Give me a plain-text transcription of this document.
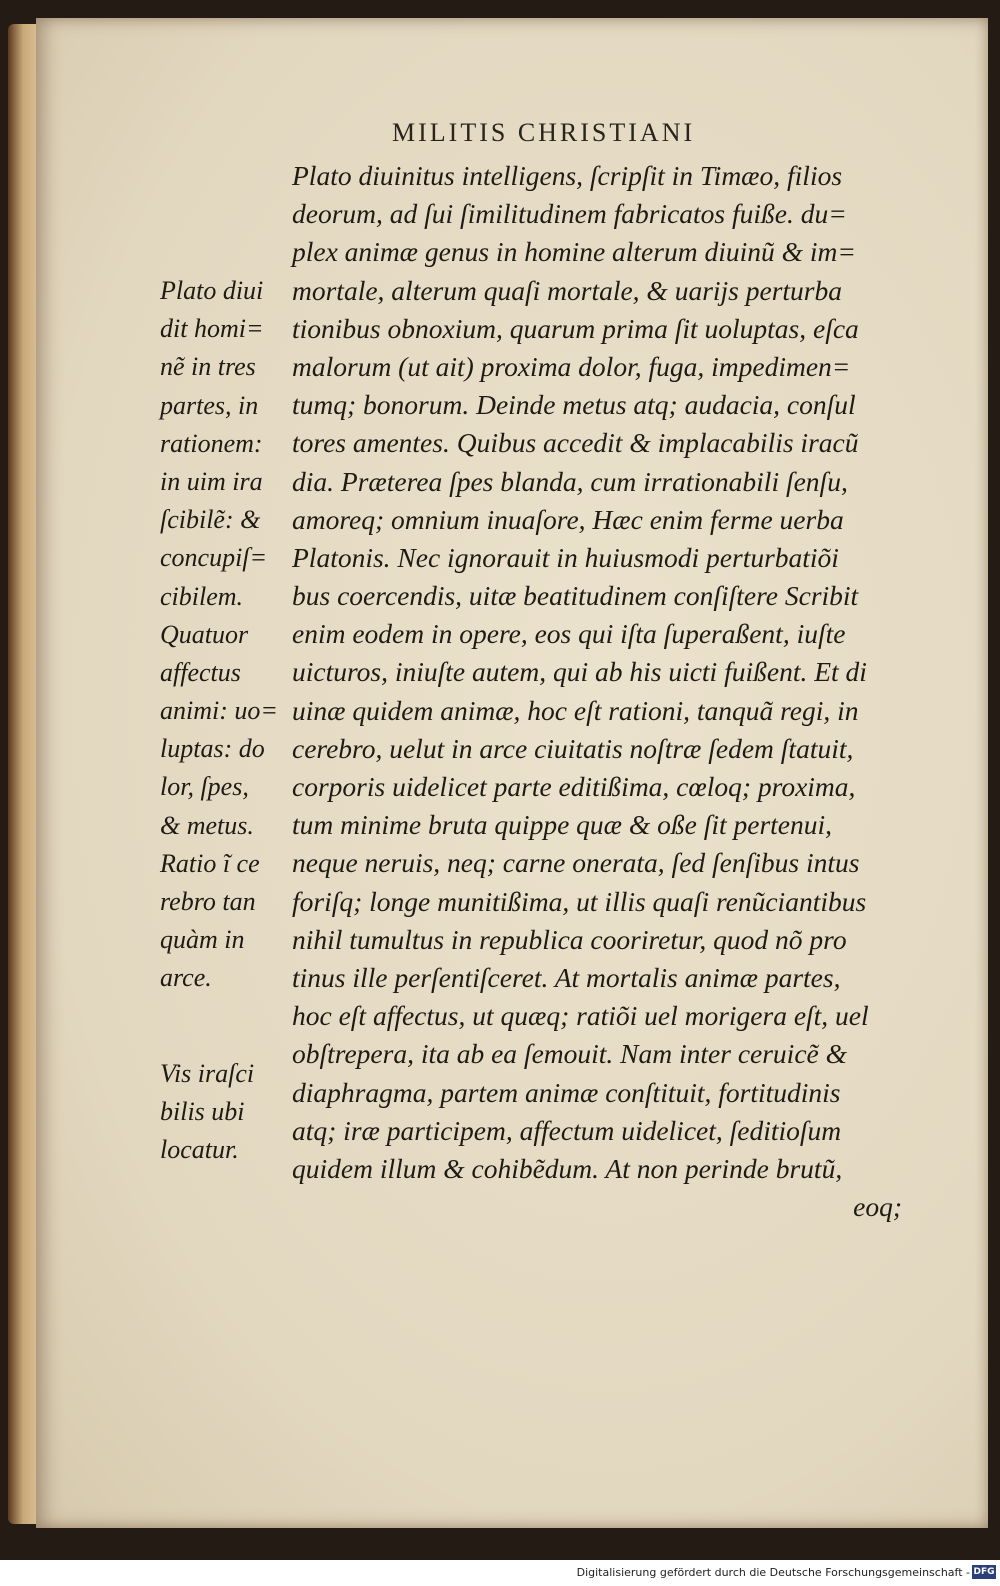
MILITIS CHRISTIANI
Plato diuinitus intelligens, ſcripſit in Timæo, filios
deorum, ad ſui ſimilitudinem fabricatos fuiße. du=
plex animæ genus in homine alterum diuinũ & im=
mortale, alterum quaſi mortale, & uarijs perturba
tionibus obnoxium, quarum prima ſit uoluptas, eſca
malorum (ut ait) proxima dolor, fuga, impedimen=
tumq; bonorum. Deinde metus atq; audacia, conſul
tores amentes. Quibus accedit & implacabilis iracũ
dia. Præterea ſpes blanda, cum irrationabili ſenſu,
amoreq; omnium inuaſore, Hæc enim ferme uerba
Platonis. Nec ignorauit in huiusmodi perturbatiõi
bus coercendis, uitæ beatitudinem conſiſtere Scribit
enim eodem in opere, eos qui iſta ſuperaßent, iuſte
uicturos, iniuſte autem, qui ab his uicti fuißent. Et di
uinæ quidem animæ, hoc eſt rationi, tanquã regi, in
cerebro, uelut in arce ciuitatis noſtræ ſedem ſtatuit,
corporis uidelicet parte editißima, cœloq; proxima,
tum minime bruta quippe quæ & oße ſit pertenui,
neque neruis, neq; carne onerata, ſed ſenſibus intus
foriſq; longe munitißima, ut illis quaſi renũciantibus
nihil tumultus in republica cooriretur, quod nõ pro
tinus ille perſentiſceret. At mortalis animæ partes,
hoc eſt affectus, ut quæq; ratiõi uel morigera eſt, uel
obſtrepera, ita ab ea ſemouit. Nam inter ceruicẽ &
diaphragma, partem animæ conſtituit, fortitudinis
atq; iræ participem, affectum uidelicet, ſeditioſum
quidem illum & cohibẽdum. At non perinde brutũ,
eoq;
Plato diui
dit homi=
nẽ in tres
partes, in
rationem:
in uim ira
ſcibilẽ: &
concupiſ=
cibilem.
Quatuor
affectus
animi: uo=
luptas: do
lor, ſpes,
& metus.
Ratio ĩ ce
rebro tan
quàm in
arce.
Vis iraſci
bilis ubi
locatur.
Digitalisierung gefördert durch die Deutsche Forschungsgemeinschaft - DFG
